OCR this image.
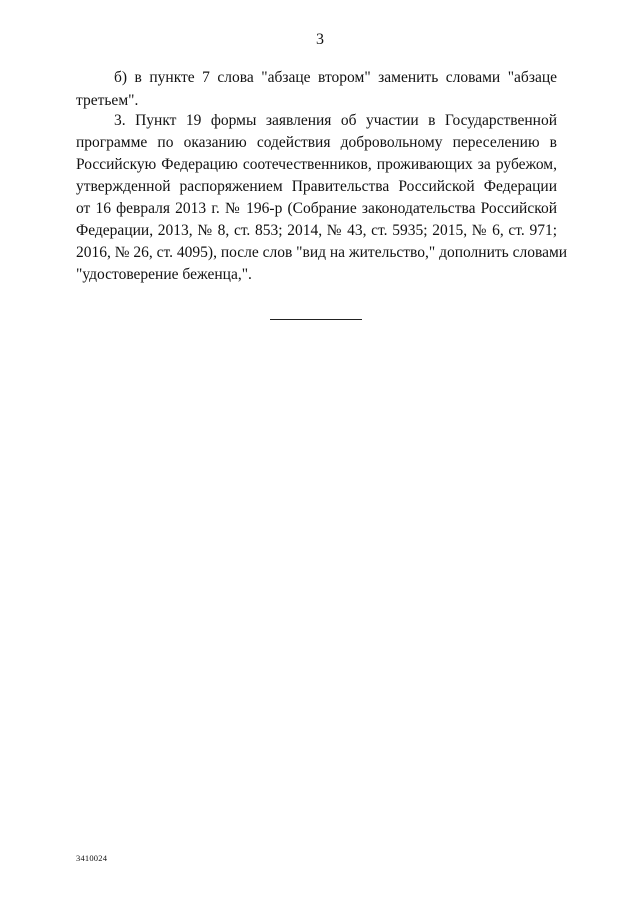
3
б) в пункте 7 слова "абзаце втором" заменить словами "абзаце
третьем".
3. Пункт 19 формы заявления об участии в Государственной
программе по оказанию содействия добровольному переселению в
Российскую Федерацию соотечественников, проживающих за рубежом,
утвержденной распоряжением Правительства Российской Федерации
от 16 февраля 2013 г. № 196-р (Собрание законодательства Российской
Федерации, 2013, № 8, ст. 853; 2014, № 43, ст. 5935; 2015, № 6, ст. 971;
2016, № 26, ст. 4095), после слов "вид на жительство," дополнить словами
"удостоверение беженца,".
3410024
